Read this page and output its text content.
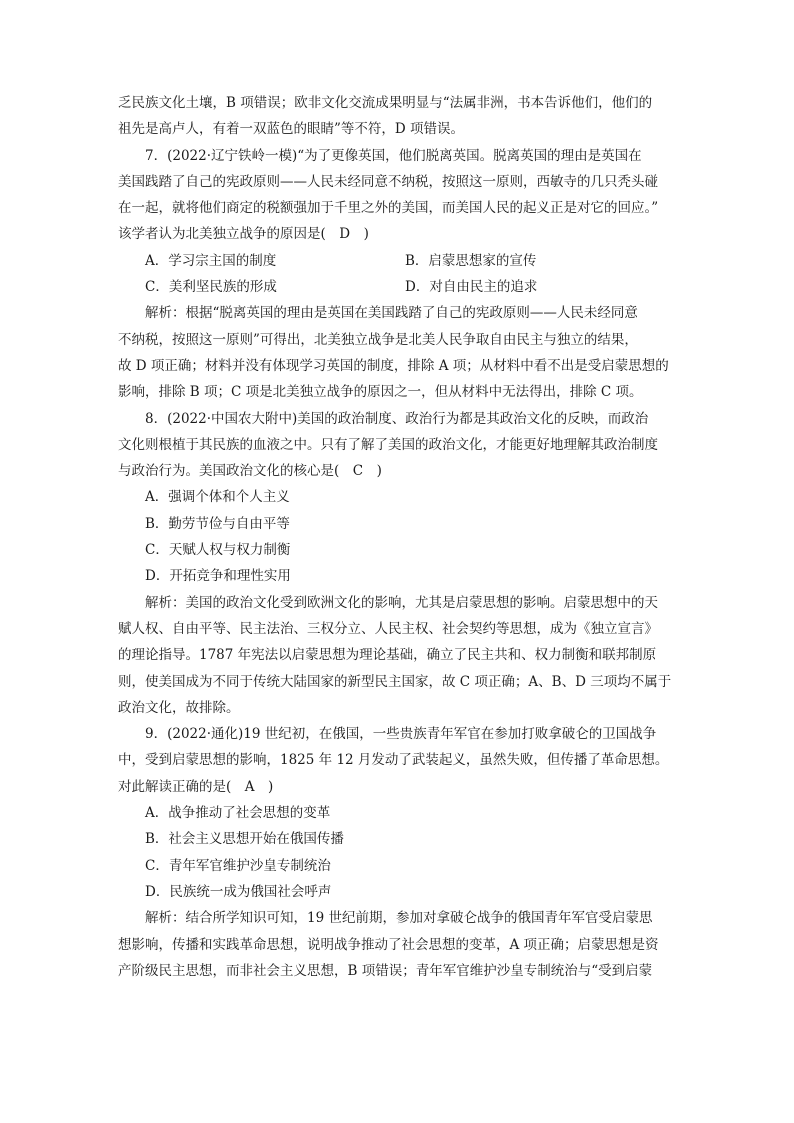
乏民族文化土壤，B 项错误；欧非文化交流成果明显与“法属非洲，书本告诉他们，他们的
祖先是高卢人，有着一双蓝色的眼睛”等不符，D 项错误。
7．(2022·辽宁铁岭一模)“为了更像英国，他们脱离英国。脱离英国的理由是英国在
美国践踏了自己的宪政原则——人民未经同意不纳税，按照这一原则，西敏寺的几只秃头碰
在一起，就将他们商定的税额强加于千里之外的美国，而美国人民的起义正是对它的回应。”
该学者认为北美独立战争的原因是(　D　)
A．学习宗主国的制度	B．启蒙思想家的宣传
C．美利坚民族的形成	D．对自由民主的追求
解析：根据“脱离英国的理由是英国在美国践踏了自己的宪政原则——人民未经同意
不纳税，按照这一原则”可得出，北美独立战争是北美人民争取自由民主与独立的结果，
故 D 项正确；材料并没有体现学习英国的制度，排除 A 项；从材料中看不出是受启蒙思想的
影响，排除 B 项；C 项是北美独立战争的原因之一，但从材料中无法得出，排除 C 项。
8．(2022·中国农大附中)美国的政治制度、政治行为都是其政治文化的反映，而政治
文化则根植于其民族的血液之中。只有了解了美国的政治文化，才能更好地理解其政治制度
与政治行为。美国政治文化的核心是(　C　)
A．强调个体和个人主义
B．勤劳节俭与自由平等
C．天赋人权与权力制衡
D．开拓竞争和理性实用
解析：美国的政治文化受到欧洲文化的影响，尤其是启蒙思想的影响。启蒙思想中的天
赋人权、自由平等、民主法治、三权分立、人民主权、社会契约等思想，成为《独立宣言》
的理论指导。1787 年宪法以启蒙思想为理论基础，确立了民主共和、权力制衡和联邦制原
则，使美国成为不同于传统大陆国家的新型民主国家，故 C 项正确；A、B、D 三项均不属于
政治文化，故排除。
9．(2022·通化)19 世纪初，在俄国，一些贵族青年军官在参加打败拿破仑的卫国战争
中，受到启蒙思想的影响，1825 年 12 月发动了武装起义，虽然失败，但传播了革命思想。
对此解读正确的是(　A　)
A．战争推动了社会思想的变革
B．社会主义思想开始在俄国传播
C．青年军官维护沙皇专制统治
D．民族统一成为俄国社会呼声
解析：结合所学知识可知，19 世纪前期，参加对拿破仑战争的俄国青年军官受启蒙思
想影响，传播和实践革命思想，说明战争推动了社会思想的变革，A 项正确；启蒙思想是资
产阶级民主思想，而非社会主义思想，B 项错误；青年军官维护沙皇专制统治与“受到启蒙
